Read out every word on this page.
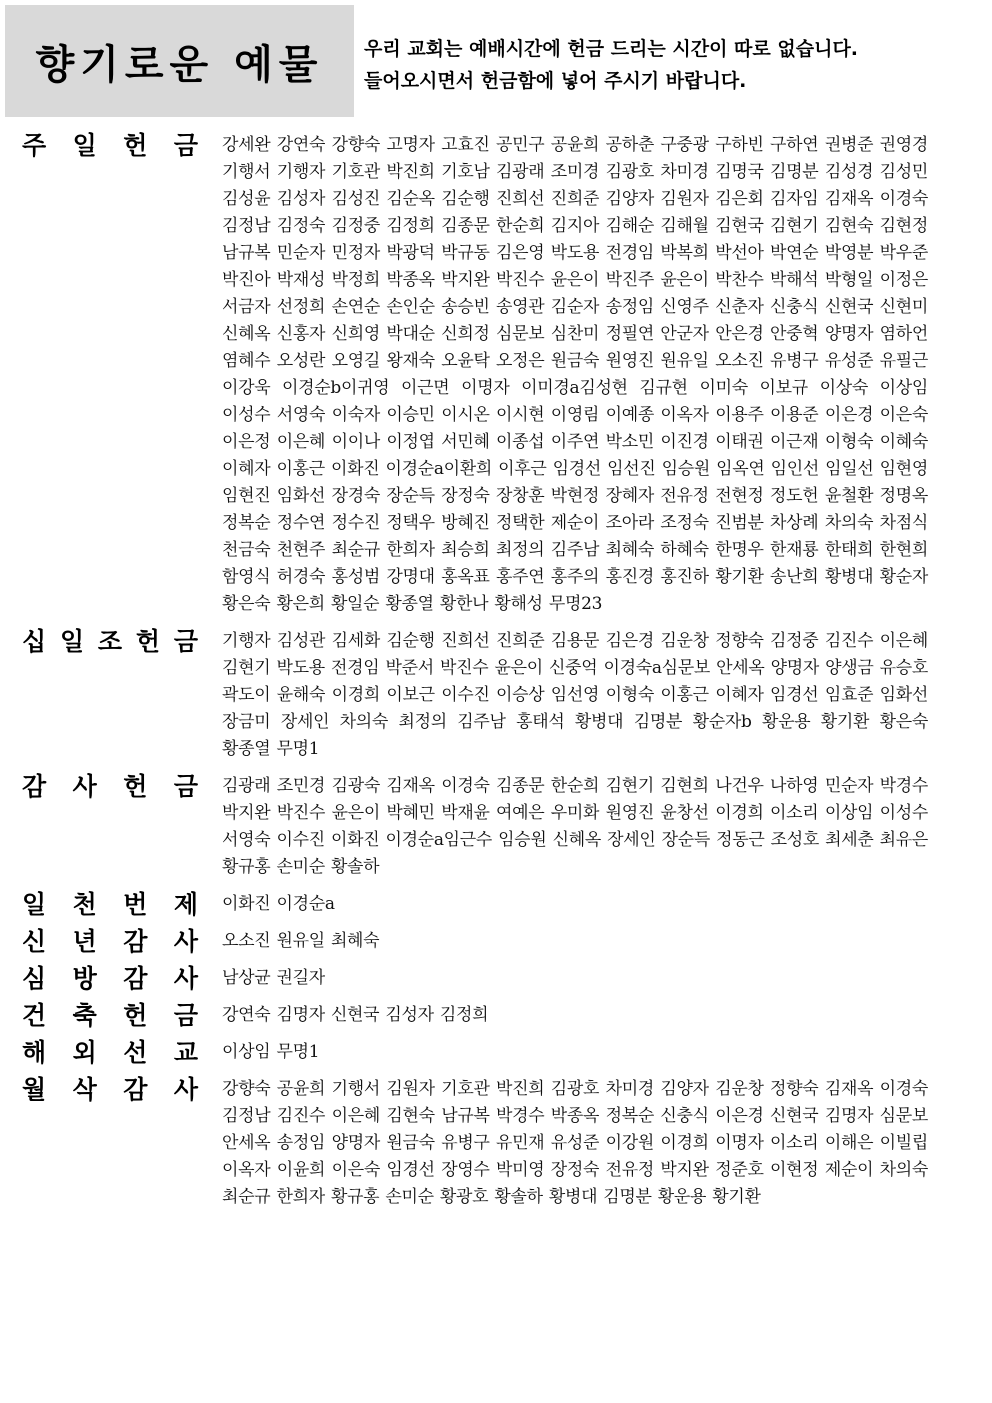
향기로운 예물 우리 교회는 예배시간에 헌금 드리는 시간이 따로 없습니다.
들어오시면서 헌금함에 넣어 주시기 바랍니다.
주 일 헌 금 강세완 강연숙 강향숙 고명자 고효진 공민구 공윤희 공하춘 구중광 구하빈 구하연 권병준 권영경 기행서 기행자 기호관 박진희 기호남 김광래 조미경 김광호 차미경 김명국 김명분 김성경 김성민 김성윤 김성자 김성진 김순옥 김순행 진희선 진희준 김양자 김원자 김은회 김자임 김재옥 이경숙 김정남 김정숙 김정중 김정희 김종문 한순희 김지아 김해순 김해월 김현국 김현기 김현숙 김현정 남규복 민순자 민정자 박광덕 박규동 김은영 박도용 전경임 박복희 박선아 박연순 박영분 박우준 박진아 박재성 박정희 박종옥 박지완 박진수 윤은이 박진주 윤은이 박찬수 박해석 박형일 이정은 서금자 선정희 손연순 손인순 송승빈 송영관 김순자 송정임 신영주 신춘자 신충식 신현국 신현미 신혜옥 신홍자 신희영 박대순 신희정 심문보 심찬미 정필연 안군자 안은경 안중혁 양명자 염하언 염혜수 오성란 오영길 왕재숙 오윤탁 오정은 원금숙 원영진 원유일 오소진 유병구 유성준 유필근 이강욱 이경순b이귀영 이근면 이명자 이미경a김성현 김규현 이미숙 이보규 이상숙 이상임 이성수 서영숙 이숙자 이승민 이시온 이시현 이영림 이예종 이옥자 이용주 이용준 이은경 이은숙 이은정 이은혜 이이나 이정엽 서민혜 이종섭 이주연 박소민 이진경 이태권 이근재 이형숙 이혜숙 이혜자 이홍근 이화진 이경순a이환희 이후근 임경선 임선진 임승원 임옥연 임인선 임일선 임현영 임현진 임화선 장경숙 장순득 장정숙 장창훈 박현정 장혜자 전유정 전현정 정도헌 윤철환 정명옥 정복순 정수연 정수진 정택우 방혜진 정택한 제순이 조아라 조정숙 진범분 차상례 차의숙 차점식 천금숙 천현주 최순규 한희자 최승희 최정의 김주남 최혜숙 하혜숙 한명우 한재룡 한태희 한현희 함영식 허경숙 홍성범 강명대 홍옥표 홍주연 홍주의 홍진경 홍진하 황기환 송난희 황병대 황순자 황은숙 황은희 황일순 황종열 황한나 황해성 무명23
십 일 조 헌 금 기행자 김성관 김세화 김순행 진희선 진희준 김용문 김은경 김운창 정향숙 김정중 김진수 이은혜 김현기 박도용 전경임 박준서 박진수 윤은이 신중억 이경숙a심문보 안세옥 양명자 양생금 유승호 곽도이 윤해숙 이경희 이보근 이수진 이승상 임선영 이형숙 이홍근 이혜자 임경선 임효준 임화선 장금미 장세인 차의숙 최정의 김주남 홍태석 황병대 김명분 황순자b 황운용 황기환 황은숙 황종열 무명1
감 사 헌 금 김광래 조민경 김광숙 김재옥 이경숙 김종문 한순희 김현기 김현희 나건우 나하영 민순자 박경수 박지완 박진수 윤은이 박혜민 박재윤 여예은 우미화 원영진 윤창선 이경희 이소리 이상임 이성수 서영숙 이수진 이화진 이경순a임근수 임승원 신혜옥 장세인 장순득 정동근 조성호 최세춘 최유은 황규홍 손미순 황솔하
일 천 번 제 이화진 이경순a
신 년 감 사 오소진 원유일 최혜숙
심 방 감 사 남상균 권길자
건 축 헌 금 강연숙 김명자 신현국 김성자 김정희
해 외 선 교 이상임 무명1
월 삭 감 사 강향숙 공윤희 기행서 김원자 기호관 박진희 김광호 차미경 김양자 김운창 정향숙 김재옥 이경숙 김정남 김진수 이은혜 김현숙 남규복 박경수 박종옥 정복순 신충식 이은경 신현국 김명자 심문보 안세옥 송정임 양명자 원금숙 유병구 유민재 유성준 이강원 이경희 이명자 이소리 이해은 이빌립 이옥자 이윤희 이은숙 임경선 장영수 박미영 장정숙 전유정 박지완 정준호 이현정 제순이 차의숙 최순규 한희자 황규홍 손미순 황광호 황솔하 황병대 김명분 황운용 황기환
